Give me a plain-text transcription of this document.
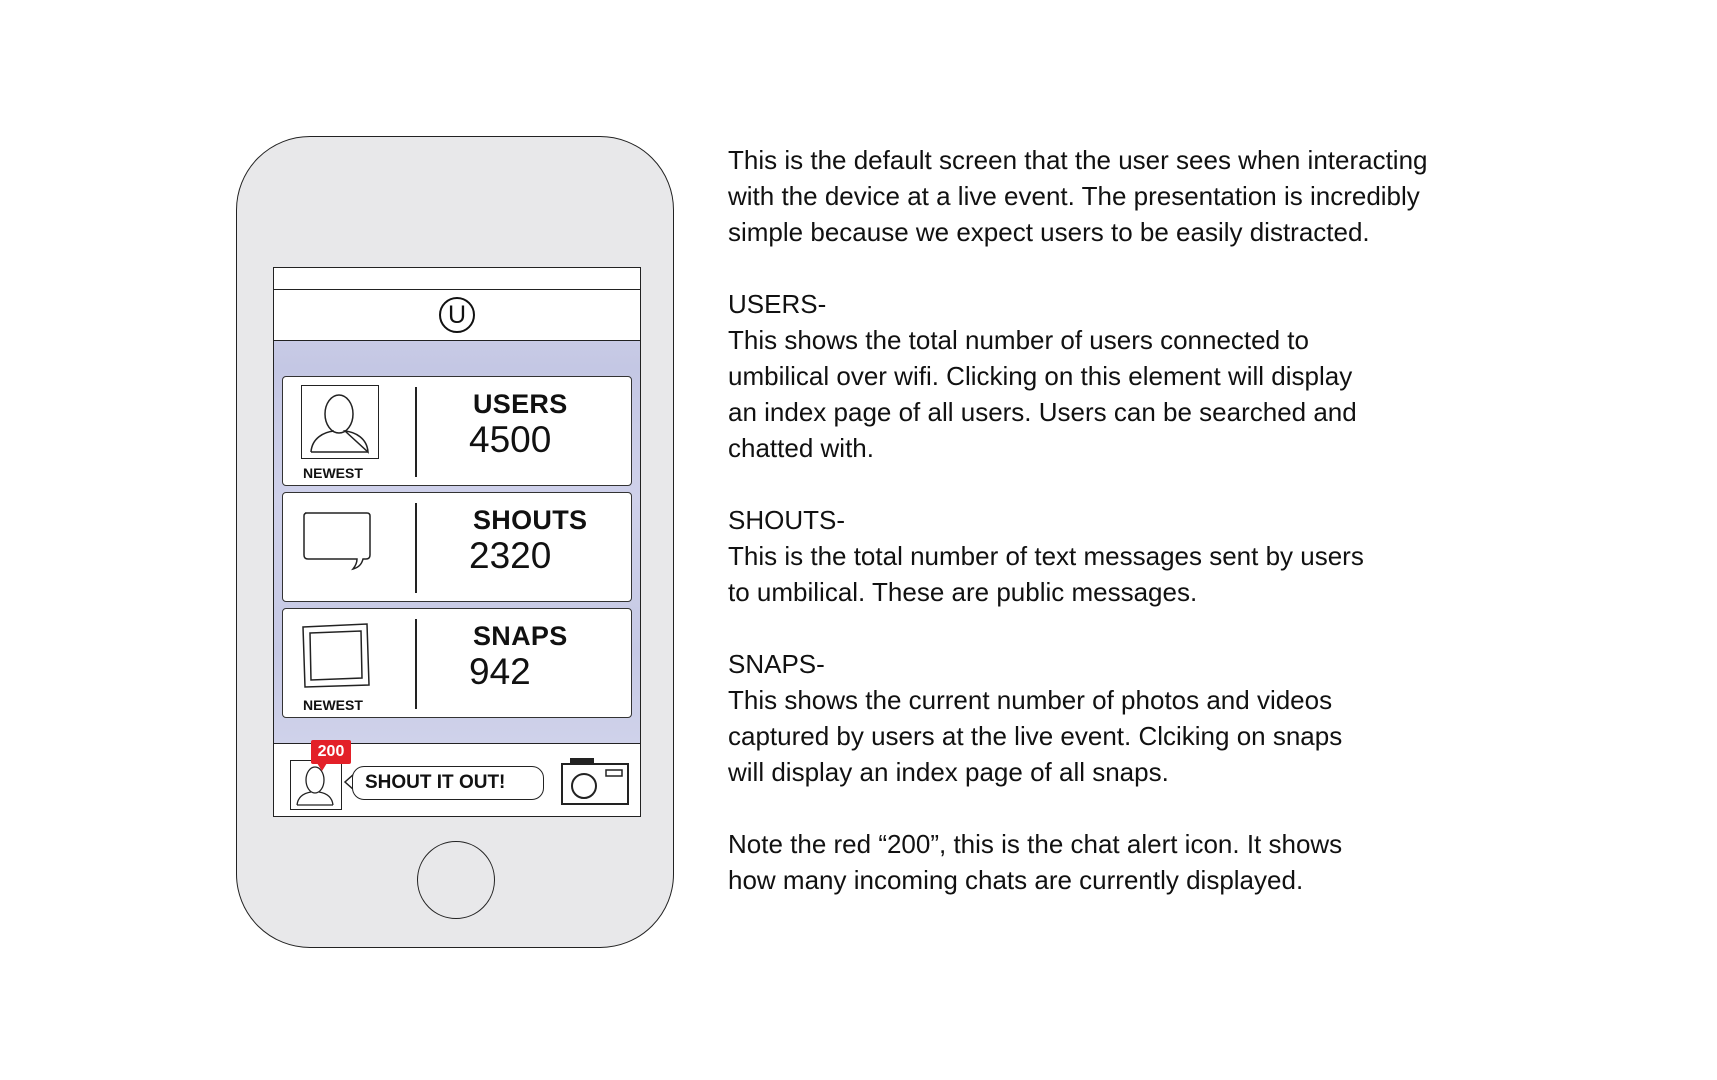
U
NEWEST
USERS
4500
SHOUTS
2320
NEWEST
SNAPS
942
200
SHOUT IT OUT!

This is the default screen that the user sees when interacting
with the device at a live event. The presentation is incredibly
simple because we expect users to be easily distracted.

USERS-
This shows the total number of users connected to
umbilical over wifi. Clicking on this element will display
an index page of all users. Users can be searched and
chatted with.

SHOUTS-
This is the total number of text messages sent by users
to umbilical. These are public messages.

SNAPS-
This shows the current number of photos and videos
captured by users at the live event. Clciking on snaps
will display an index page of all snaps.

Note the red “200”, this is the chat alert icon. It shows
how many incoming chats are currently displayed.
